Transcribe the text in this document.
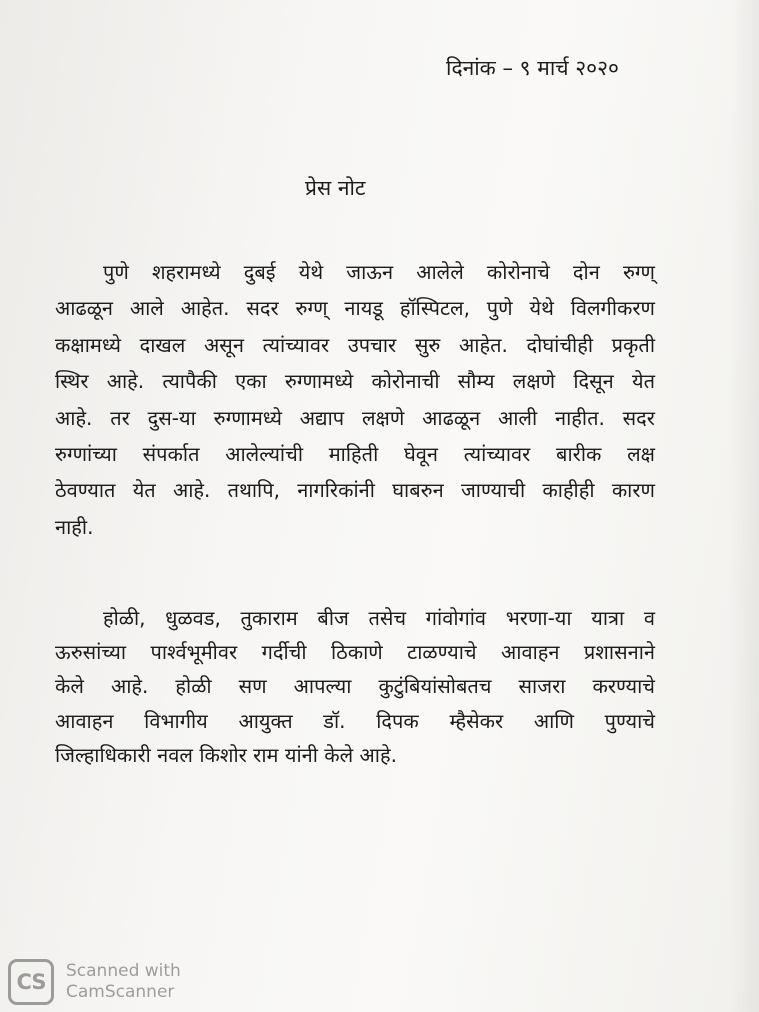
दिनांक – ९ मार्च २०२०
प्रेस नोट
पुणे शहरामध्ये दुबई येथे जाऊन आलेले कोरोनाचे दोन रुग्ण्
आढळून आले आहेत. सदर रुग्ण् नायडू हॉस्पिटल, पुणे येथे विलगीकरण
कक्षामध्ये दाखल असून त्यांच्यावर उपचार सुरु आहेत. दोघांचीही प्रकृती
स्थिर आहे. त्यापैकी एका रुग्णामध्ये कोरोनाची सौम्य लक्षणे दिसून येत
आहे. तर दुस-या रुग्णामध्ये अद्याप लक्षणे आढळून आली नाहीत. सदर
रुग्णांच्या संपर्कात आलेल्यांची माहिती घेवून त्यांच्यावर बारीक लक्ष
ठेवण्यात येत आहे. तथापि, नागरिकांनी घाबरुन जाण्याची काहीही कारण
नाही.
होळी, धुळवड, तुकाराम बीज तसेच गांवोगांव भरणा-या यात्रा व
ऊरुसांच्या पार्श्वभूमीवर गर्दीची ठिकाणे टाळण्याचे आवाहन प्रशासनाने
केले आहे. होळी सण आपल्या कुटुंबियांसोबतच साजरा करण्याचे
आवाहन विभागीय आयुक्त डॉ. दिपक म्हैसेकर आणि पुण्याचे
जिल्हाधिकारी नवल किशोर राम यांनी केले आहे.
CS	Scanned with
CamScanner
